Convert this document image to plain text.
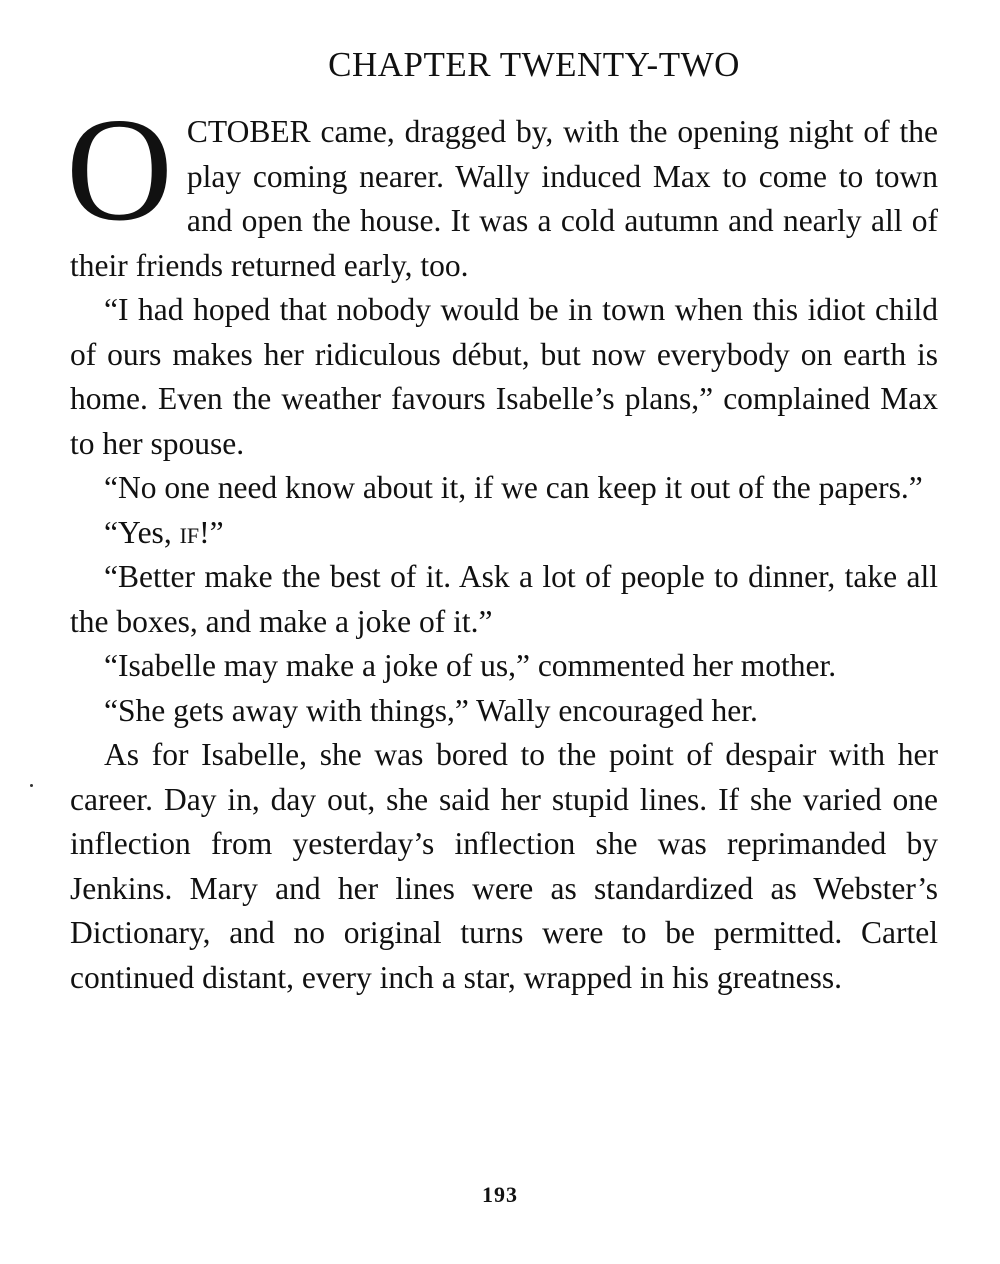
CHAPTER TWENTY-TWO

OCTOBER came, dragged by, with the opening night of the play coming nearer. Wally induced Max to come to town and open the house. It was a cold autumn and nearly all of their friends returned early, too.

“I had hoped that nobody would be in town when this idiot child of ours makes her ridiculous début, but now everybody on earth is home. Even the weather favours Isabelle’s plans,” complained Max to her spouse.

“No one need know about it, if we can keep it out of the papers.”

“Yes, if!”

“Better make the best of it. Ask a lot of people to dinner, take all the boxes, and make a joke of it.”

“Isabelle may make a joke of us,” commented her mother.

“She gets away with things,” Wally encouraged her.

As for Isabelle, she was bored to the point of despair with her career. Day in, day out, she said her stupid lines. If she varied one inflection from yesterday’s inflection she was reprimanded by Jenkins. Mary and her lines were as standardized as Webster’s Dictionary, and no original turns were to be permitted. Cartel continued distant, every inch a star, wrapped in his greatness.

193
